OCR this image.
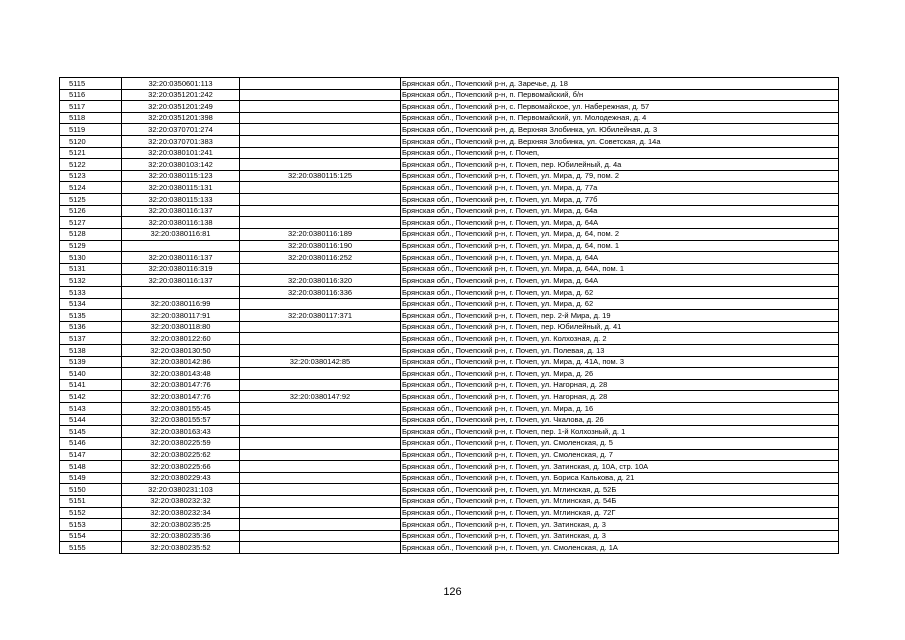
5115	32:20:0350601:113		Брянская обл., Почепский р-н, д. Заречье, д. 18
5116	32:20:0351201:242		Брянская обл., Почепский р-н, п. Первомайский, б/н
5117	32:20:0351201:249		Брянская обл., Почепский р-н, с. Первомайское, ул. Набережная, д. 57
5118	32:20:0351201:398		Брянская обл., Почепский р-н, п. Первомайский, ул. Молодежная, д. 4
5119	32:20:0370701:274		Брянская обл., Почепский р-н, д. Верхняя Злобинка, ул. Юбилейная, д. 3
5120	32:20:0370701:383		Брянская обл., Почепский р-н, д. Верхняя Злобинка, ул. Советская, д. 14а
5121	32:20:0380101:241		Брянская обл., Почепский р-н, г. Почеп,
5122	32:20:0380103:142		Брянская обл., Почепский р-н, г. Почеп, пер. Юбилейный, д. 4а
5123	32:20:0380115:123	32:20:0380115:125	Брянская обл., Почепский р-н, г. Почеп, ул. Мира, д. 79, пом. 2
5124	32:20:0380115:131		Брянская обл., Почепский р-н, г. Почеп, ул. Мира, д. 77а
5125	32:20:0380115:133		Брянская обл., Почепский р-н, г. Почеп, ул. Мира, д. 77б
5126	32:20:0380116:137		Брянская обл., Почепский р-н, г. Почеп, ул. Мира, д. 64а
5127	32:20:0380116:138		Брянская обл., Почепский р-н, г. Почеп, ул. Мира, д. 64А
5128	32:20:0380116:81	32:20:0380116:189	Брянская обл., Почепский р-н, г. Почеп, ул. Мира, д. 64, пом. 2
5129		32:20:0380116:190	Брянская обл., Почепский р-н, г. Почеп, ул. Мира, д. 64, пом. 1
5130	32:20:0380116:137	32:20:0380116:252	Брянская обл., Почепский р-н, г. Почеп, ул. Мира, д. 64А
5131	32:20:0380116:319		Брянская обл., Почепский р-н, г. Почеп, ул. Мира, д. 64А, пом. 1
5132	32:20:0380116:137	32:20:0380116:320	Брянская обл., Почепский р-н, г. Почеп, ул. Мира, д. 64А
5133		32:20:0380116:336	Брянская обл., Почепский р-н, г. Почеп, ул. Мира, д. 62
5134	32:20:0380116:99		Брянская обл., Почепский р-н, г. Почеп, ул. Мира, д. 62
5135	32:20:0380117:91	32:20:0380117:371	Брянская обл., Почепский р-н, г. Почеп, пер. 2-й Мира, д. 19
5136	32:20:0380118:80		Брянская обл., Почепский р-н, г. Почеп, пер. Юбилейный, д. 41
5137	32:20:0380122:60		Брянская обл., Почепский р-н, г. Почеп, ул. Колхозная, д. 2
5138	32:20:0380130:50		Брянская обл., Почепский р-н, г. Почеп, ул. Полевая, д. 13
5139	32:20:0380142:86	32:20:0380142:85	Брянская обл., Почепский р-н, г. Почеп, ул. Мира, д. 41А, пом. 3
5140	32:20:0380143:48		Брянская обл., Почепский р-н, г. Почеп, ул. Мира, д. 26
5141	32:20:0380147:76		Брянская обл., Почепский р-н, г. Почеп, ул. Нагорная, д. 28
5142	32:20:0380147:76	32:20:0380147:92	Брянская обл., Почепский р-н, г. Почеп, ул. Нагорная, д. 28
5143	32:20:0380155:45		Брянская обл., Почепский р-н, г. Почеп, ул. Мира, д. 16
5144	32:20:0380155:57		Брянская обл., Почепский р-н, г. Почеп, ул. Чкалова, д. 26
5145	32:20:0380163:43		Брянская обл., Почепский р-н, г. Почеп, пер. 1-й Колхозный, д. 1
5146	32:20:0380225:59		Брянская обл., Почепский р-н, г. Почеп, ул. Смоленская, д. 5
5147	32:20:0380225:62		Брянская обл., Почепский р-н, г. Почеп, ул. Смоленская, д. 7
5148	32:20:0380225:66		Брянская обл., Почепский р-н, г. Почеп, ул. Затинская, д. 10А, стр. 10А
5149	32:20:0380229:43		Брянская обл., Почепский р-н, г. Почеп, ул. Бориса Калькова, д. 21
5150	32:20:0380231:103		Брянская обл., Почепский р-н, г. Почеп, ул. Мглинская, д. 52Б
5151	32:20:0380232:32		Брянская обл., Почепский р-н, г. Почеп, ул. Мглинская, д. 54Б
5152	32:20:0380232:34		Брянская обл., Почепский р-н, г. Почеп, ул. Мглинская, д. 72Г
5153	32:20:0380235:25		Брянская обл., Почепский р-н, г. Почеп, ул. Затинская, д. 3
5154	32:20:0380235:36		Брянская обл., Почепский р-н, г. Почеп, ул. Затинская, д. 3
5155	32:20:0380235:52		Брянская обл., Почепский р-н, г. Почеп, ул. Смоленская, д. 1А
126
